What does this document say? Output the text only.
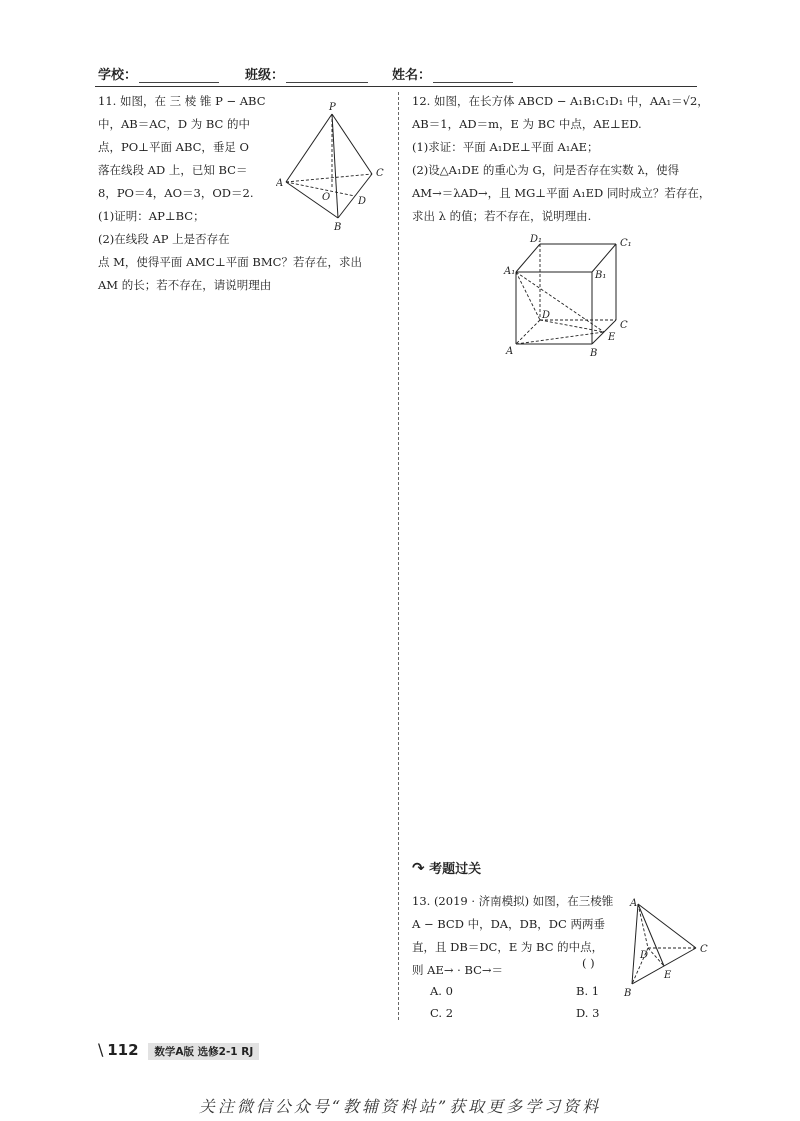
学校：	班级：	姓名：

11. 如图，在 三 棱 锥 P − ABC

中，AB＝AC，D 为 BC 的中

点，PO⊥平面 ABC，垂足 O

落在线段 AD 上，已知 BC＝

8，PO＝4，AO＝3，OD＝2.

(1)证明：AP⊥BC；

(2)在线段 AP 上是否存在

点 M，使得平面 AMC⊥平面 BMC？若存在，求出

AM 的长；若不存在，请说明理由

P
A
B
C
D
O

12. 如图，在长方体 ABCD − A₁B₁C₁D₁ 中，AA₁＝√2，

AB＝1，AD＝m，E 为 BC 中点，AE⊥ED.

(1)求证：平面 A₁DE⊥平面 A₁AE；

(2)设△A₁DE 的重心为 G，问是否存在实数 λ，使得

AM→＝λAD→，且 MG⊥平面 A₁ED 同时成立？若存在，

求出 λ 的值；若不存在，说明理由.

D₁	C₁
A₁	B₁
D
C
E
A	B
↷ 考题过关

13. (2019 · 济南模拟) 如图，在三棱锥

A − BCD 中，DA，DB，DC 两两垂

直，且 DB＝DC，E 为 BC 的中点，

则 AE→ · BC→＝	( )
A. 0	B. 1
C. 2	D. 3
A
B
C
D
E
\ 112 数学A版 选修2-1 RJ
关注微信公众号“教辅资料站”获取更多学习资料
